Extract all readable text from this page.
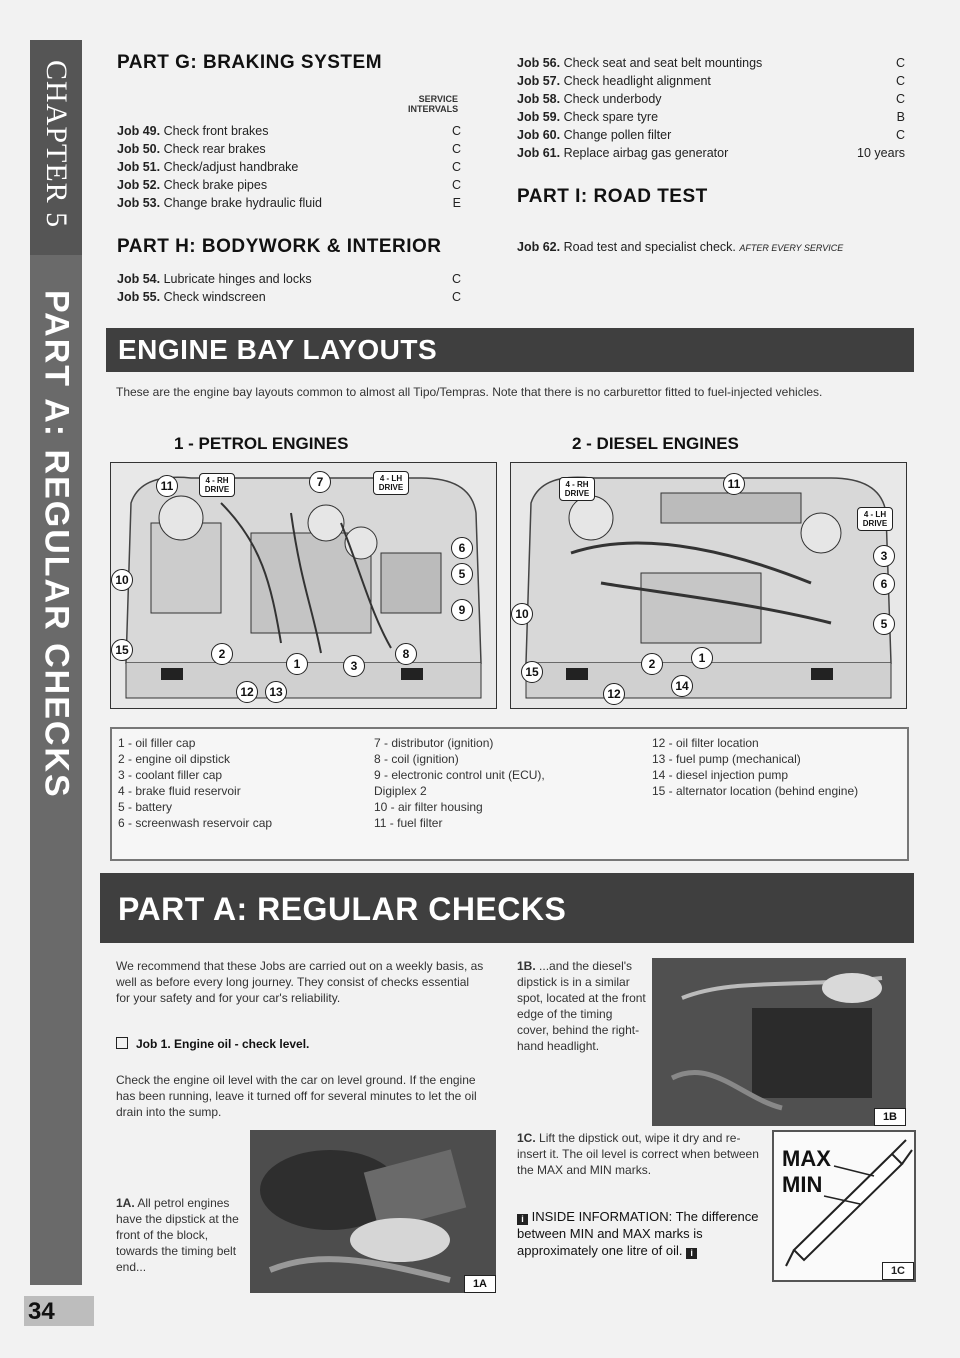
CHAPTER 5
PART A: REGULAR CHECKS
34
PART G: BRAKING SYSTEM
SERVICE INTERVALS
Job 49. Check front brakes	C
Job 50. Check rear brakes	C
Job 51. Check/adjust handbrake	C
Job 52. Check brake pipes	C
Job 53. Change brake hydraulic fluid	E
PART H: BODYWORK & INTERIOR
Job 54. Lubricate hinges and locks	C
Job 55. Check windscreen	C
Job 56. Check seat and seat belt mountings	C
Job 57. Check headlight alignment	C
Job 58. Check underbody	C
Job 59. Check spare tyre	B
Job 60. Change pollen filter	C
Job 61. Replace airbag gas generator	10 years
PART I: ROAD TEST
Job 62. Road test and specialist check. AFTER EVERY SERVICE
ENGINE BAY LAYOUTS
These are the engine bay layouts common to almost all Tipo/Tempras. Note that there is no carburettor fitted to fuel-injected vehicles.
1 - PETROL ENGINES	2 - DIESEL ENGINES
11	4 - RH DRIVE
7	4 - LH DRIVE
6
5
9
10
15	2
1	3
8
12	13
4 - RH DRIVE
11
4 - LH DRIVE
3
6
5
10
2	1
15
12
14
1 - oil filler cap
2 - engine oil dipstick
3 - coolant filler cap
4 - brake fluid reservoir
5 - battery
6 - screenwash reservoir cap
7 - distributor (ignition)
8 - coil (ignition)
9 - electronic control unit (ECU),
Digiplex 2
10 - air filter housing
11 - fuel filter
12 - oil filter location
13 - fuel pump (mechanical)
14 - diesel injection pump
15 - alternator location (behind engine)
PART A: REGULAR CHECKS
We recommend that these Jobs are carried out on a weekly basis, as well as before every long journey. They consist of checks essential for your safety and for your car's reliability.
Job 1. Engine oil - check level.
Check the engine oil level with the car on level ground. If the engine has been running, leave it turned off for several minutes to let the oil drain into the sump.
1A. All petrol engines have the dipstick at the front of the block, towards the timing belt end...
1A
1B. ...and the diesel's dipstick is in a similar spot, located at the front edge of the timing cover, behind the right-hand headlight.
1B
1C. Lift the dipstick out, wipe it dry and re-insert it. The oil level is correct when between the MAX and MIN marks.
i INSIDE INFORMATION: The difference between MIN and MAX marks is approximately one litre of oil. i
MAX
MIN
1C
